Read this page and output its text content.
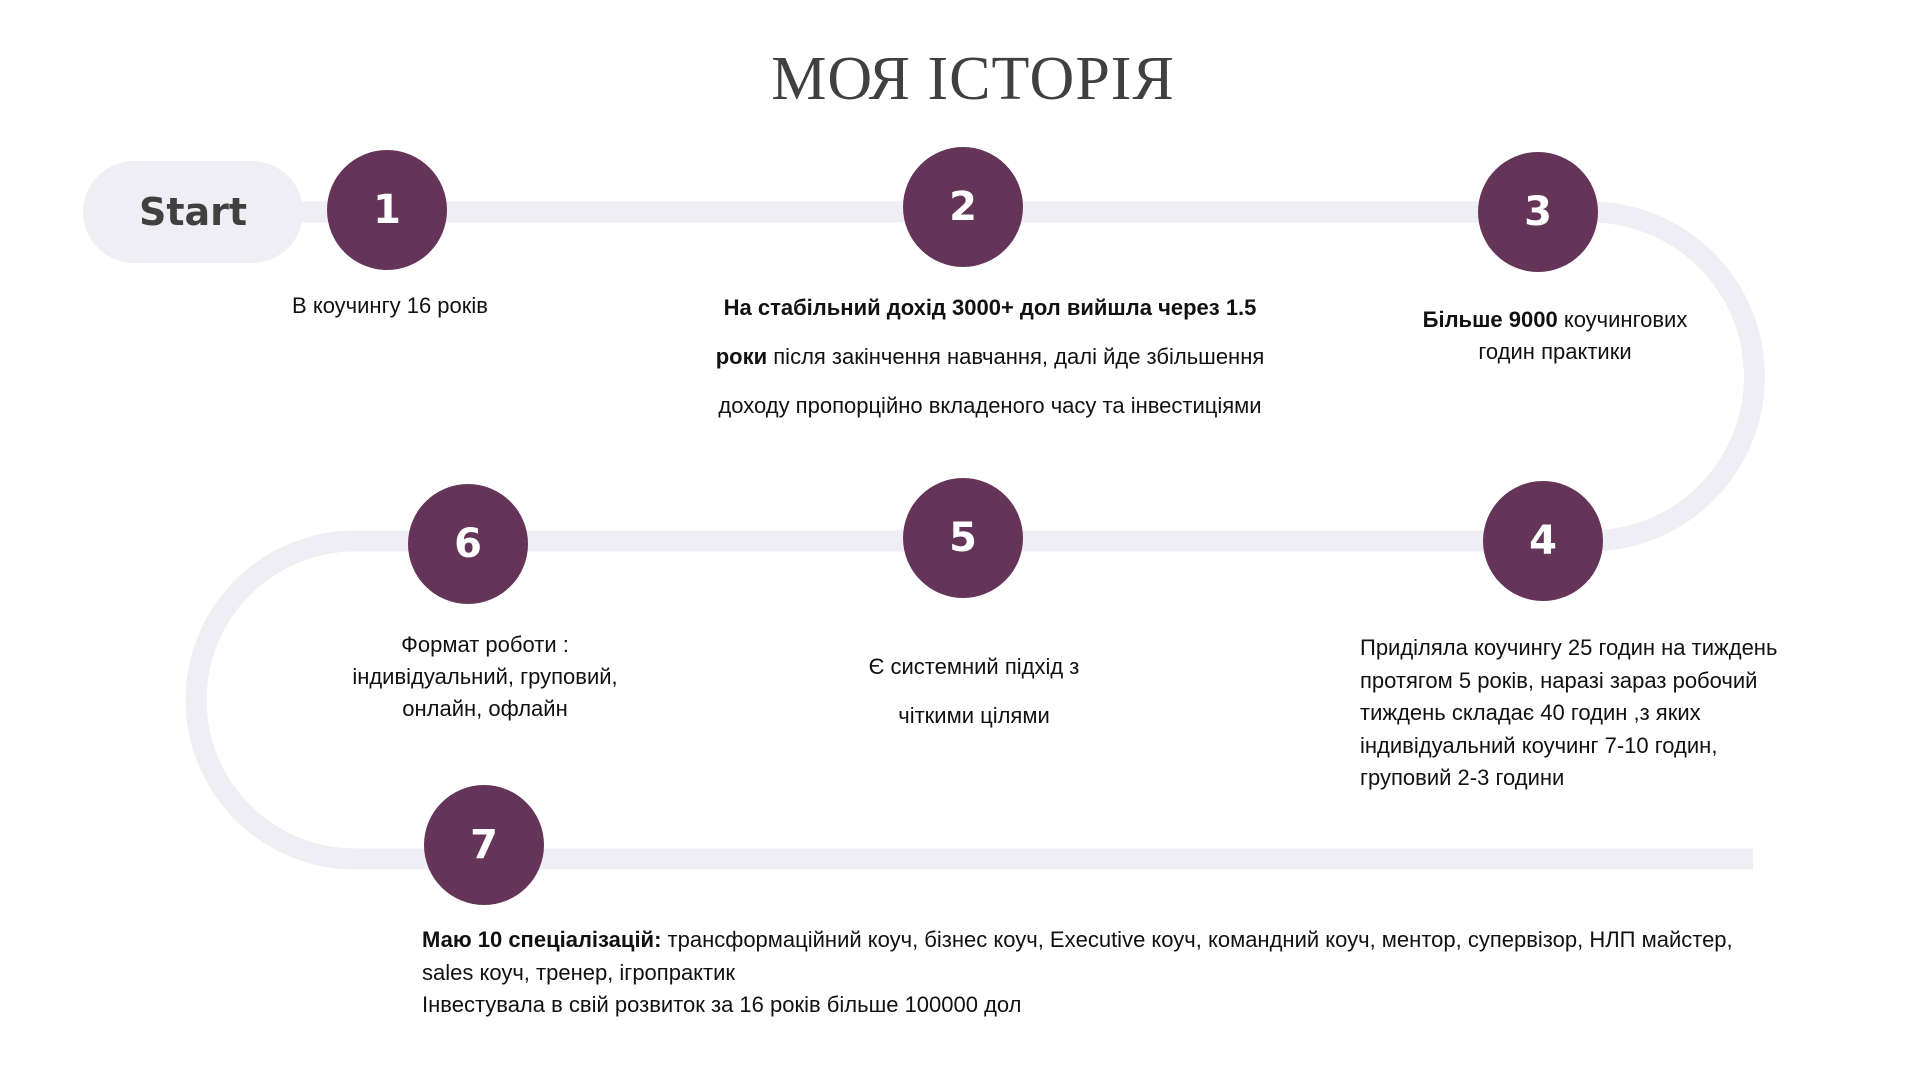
МОЯ ІСТОРІЯ
Start	1
В коучингу 16 років
2
На стабільний дохід 3000+ дол вийшла через 1.5
роки після закінчення навчання, далі йде збільшення
доходу пропорційно вкладеного часу та інвестиціями
3
Більше 9000 коучингових
годин практики
4
Приділяла коучингу 25 годин на тиждень
протягом 5 років, наразі зараз робочий
тиждень складає 40 годин ,з яких
індивідуальний коучинг 7-10 годин,
груповий 2-3 години
5
Є системний підхід з
чіткими цілями
6
Формат роботи :
індивідуальний, груповий,
онлайн, офлайн
7
Маю 10 спеціалізацій: трансформаційний коуч, бізнес коуч, Executive коуч, командний коуч, ментор, супервізор, НЛП майстер,
sales коуч, тренер, ігропрактик
Інвестувала в свій розвиток за 16 років більше 100000 дол
